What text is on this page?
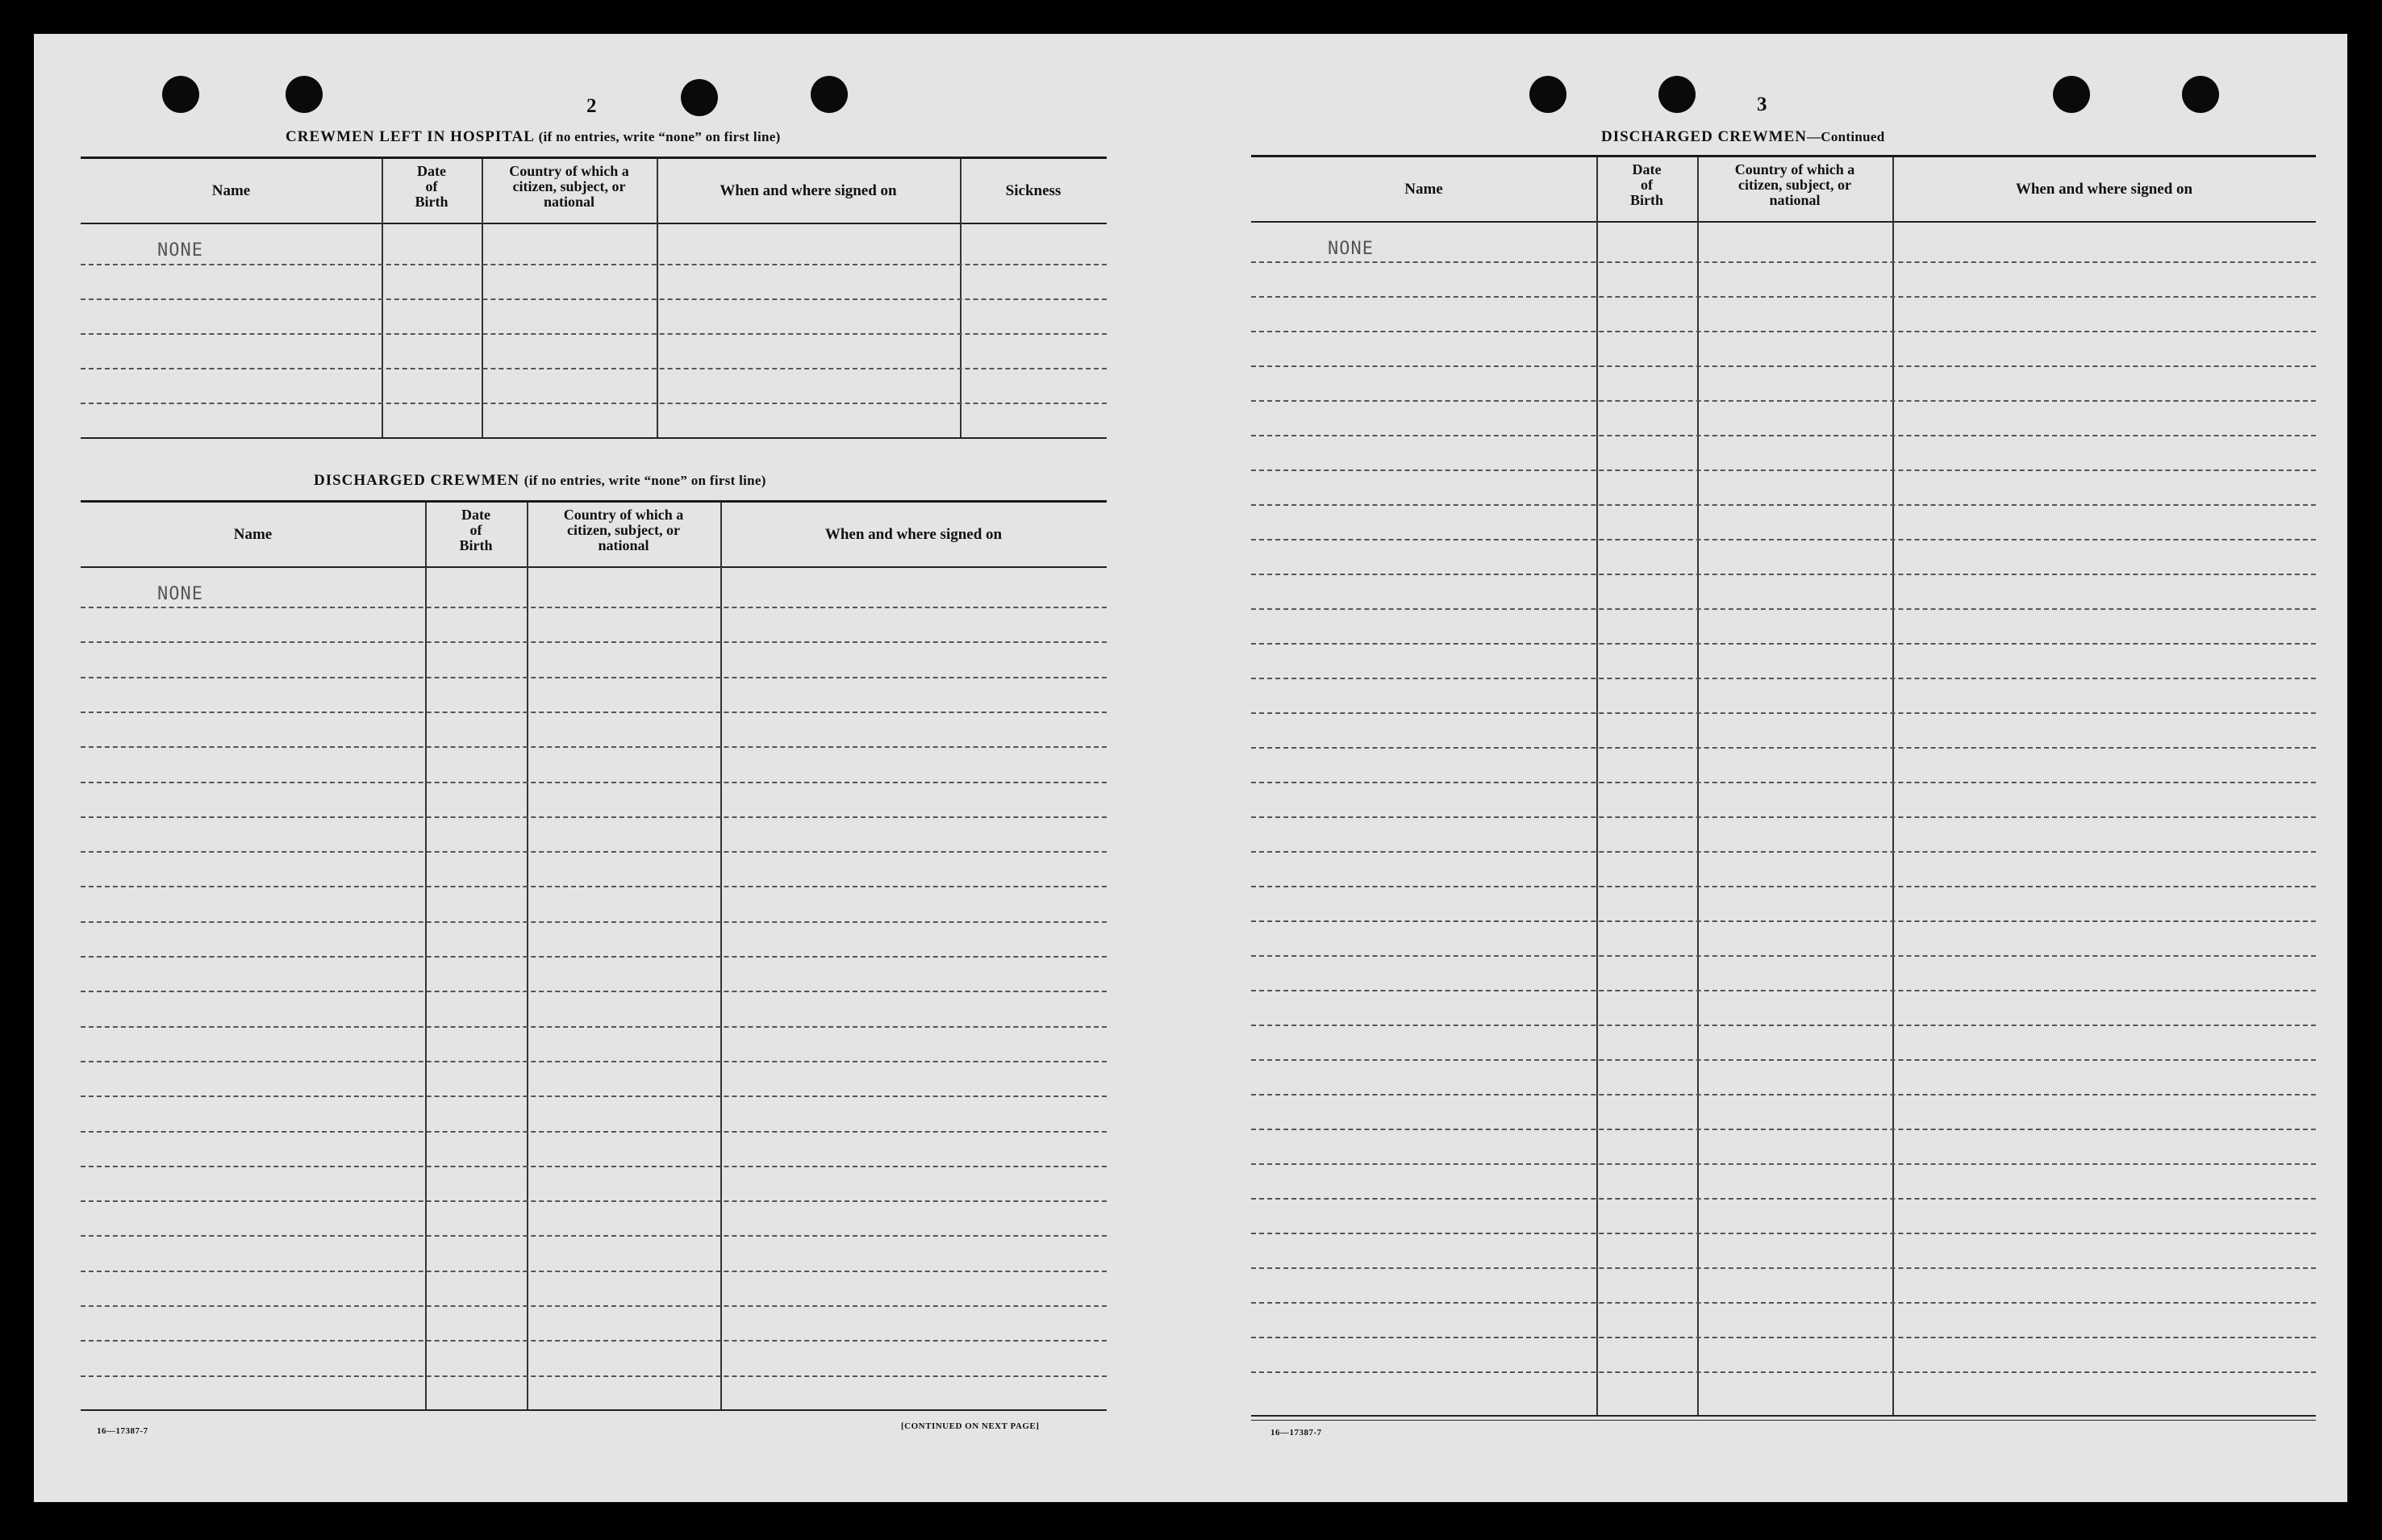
2
CREWMEN LEFT IN HOSPITAL (if no entries, write “none” on first line)
DISCHARGED CREWMEN (if no entries, write “none” on first line)
16—17387-7	[CONTINUED ON NEXT PAGE]
3
DISCHARGED CREWMEN—Continued
16—17387-7
Name
Date
of
Birth
Country of which a
citizen, subject, or
national
When and where signed on	Sickness
NONE
Name
Date
of
Birth
Country of which a
citizen, subject, or
national
When and where signed on
NONE
Name
Date
of
Birth
Country of which a
citizen, subject, or
national
When and where signed on
NONE
